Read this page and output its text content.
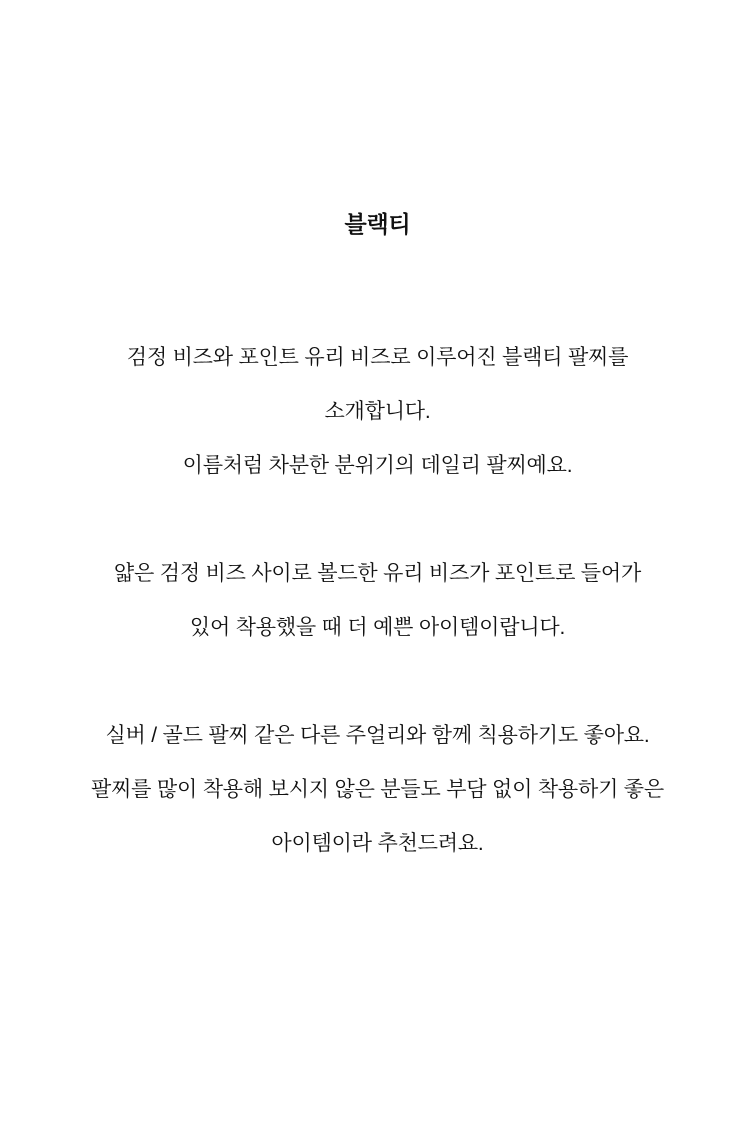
블랙티

검정 비즈와 포인트 유리 비즈로 이루어진 블랙티 팔찌를

소개합니다.

이름처럼 차분한 분위기의 데일리 팔찌예요.

얇은 검정 비즈 사이로 볼드한 유리 비즈가 포인트로 들어가

있어 착용했을 때 더 예쁜 아이템이랍니다.

실버 / 골드 팔찌 같은 다른 주얼리와 함께 칙용하기도 좋아요.

팔찌를 많이 착용해 보시지 않은 분들도 부담 없이 착용하기 좋은

아이템이라 추천드려요.
